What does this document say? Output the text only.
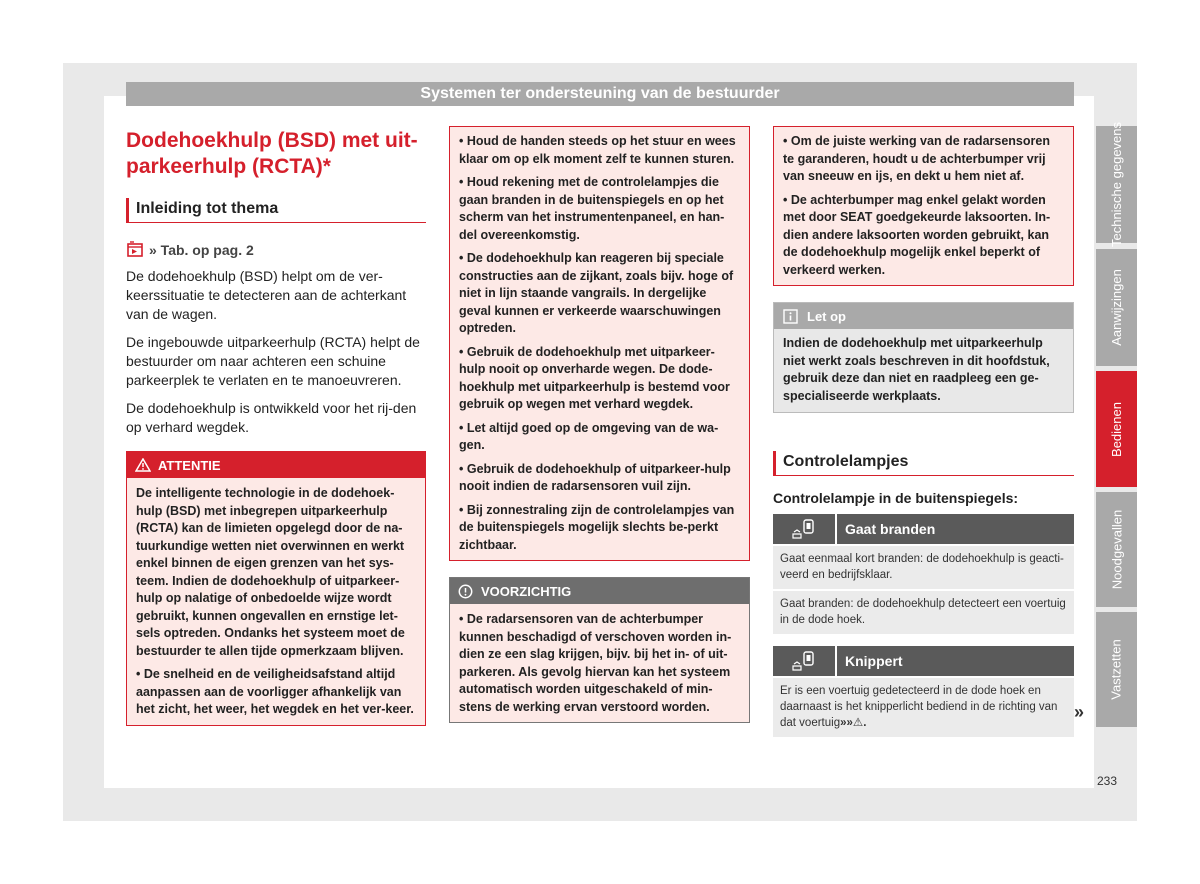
Systemen ter ondersteuning van de bestuurder
Dodehoekhulp (BSD) met uit-
parkeerhulp (RCTA)*
Inleiding tot thema
» Tab. op pag. 2

De dodehoekhulp (BSD) helpt om de ver-keerssituatie te detecteren aan de achterkant van de wagen.

De ingebouwde uitparkeerhulp (RCTA) helpt de bestuurder om naar achteren een schuine parkeerplek te verlaten en te manoeuvreren.

De dodehoekhulp is ontwikkeld voor het rij-den op verhard wegdek.

ATTENTIE

De intelligente technologie in de dodehoek-hulp (BSD) met inbegrepen uitparkeerhulp (RCTA) kan de limieten opgelegd door de na-tuurkundige wetten niet overwinnen en werkt enkel binnen de eigen grenzen van het sys-teem. Indien de dodehoekhulp of uitparkeer-hulp op nalatige of onbedoelde wijze wordt gebruikt, kunnen ongevallen en ernstige let-sels optreden. Ondanks het systeem moet de bestuurder te allen tijde opmerkzaam blijven.

• De snelheid en de veiligheidsafstand altijd aanpassen aan de voorligger afhankelijk van het zicht, het weer, het wegdek en het ver-keer.

• Houd de handen steeds op het stuur en wees klaar om op elk moment zelf te kunnen sturen.

• Houd rekening met de controlelampjes die gaan branden in de buitenspiegels en op het scherm van het instrumentenpaneel, en han-del overeenkomstig.

• De dodehoekhulp kan reageren bij speciale constructies aan de zijkant, zoals bijv. hoge of niet in lijn staande vangrails. In dergelijke geval kunnen er verkeerde waarschuwingen optreden.

• Gebruik de dodehoekhulp met uitparkeer-hulp nooit op onverharde wegen. De dode-hoekhulp met uitparkeerhulp is bestemd voor gebruik op wegen met verhard wegdek.

• Let altijd goed op de omgeving van de wa-gen.

• Gebruik de dodehoekhulp of uitparkeer-hulp nooit indien de radarsensoren vuil zijn.

• Bij zonnestraling zijn de controlelampjes van de buitenspiegels mogelijk slechts be-perkt zichtbaar.

VOORZICHTIG
• De radarsensoren van de achterbumper kunnen beschadigd of verschoven worden in-dien ze een slag krijgen, bijv. bij het in- of uit-parkeren. Als gevolg hiervan kan het systeem automatisch worden uitgeschakeld of min-stens de werking ervan verstoord worden.

• Om de juiste werking van de radarsensoren te garanderen, houdt u de achterbumper vrij van sneeuw en ijs, en dekt u hem niet af.

• De achterbumper mag enkel gelakt worden met door SEAT goedgekeurde laksoorten. In-dien andere laksoorten worden gebruikt, kan de dodehoekhulp mogelijk enkel beperkt of verkeerd werken.

Let op
Indien de dodehoekhulp met uitparkeerhulp niet werkt zoals beschreven in dit hoofdstuk, gebruik deze dan niet en raadpleeg een ge-specialiseerde werkplaats.
Controlelampjes
Controlelampje in de buitenspiegels:
Gaat branden
Gaat eenmaal kort branden: de dodehoekhulp is geacti-veerd en bedrijfsklaar.
Gaat branden: de dodehoekhulp detecteert een voertuig in de dode hoek.
Knippert
Er is een voertuig gedetecteerd in de dode hoek en daarnaast is het knipperlicht bediend in de richting van dat voertuig»»⚠.
Technische gegevens
Aanwijzingen
Bedienen
Noodgevallen
Vastzetten
»
233
